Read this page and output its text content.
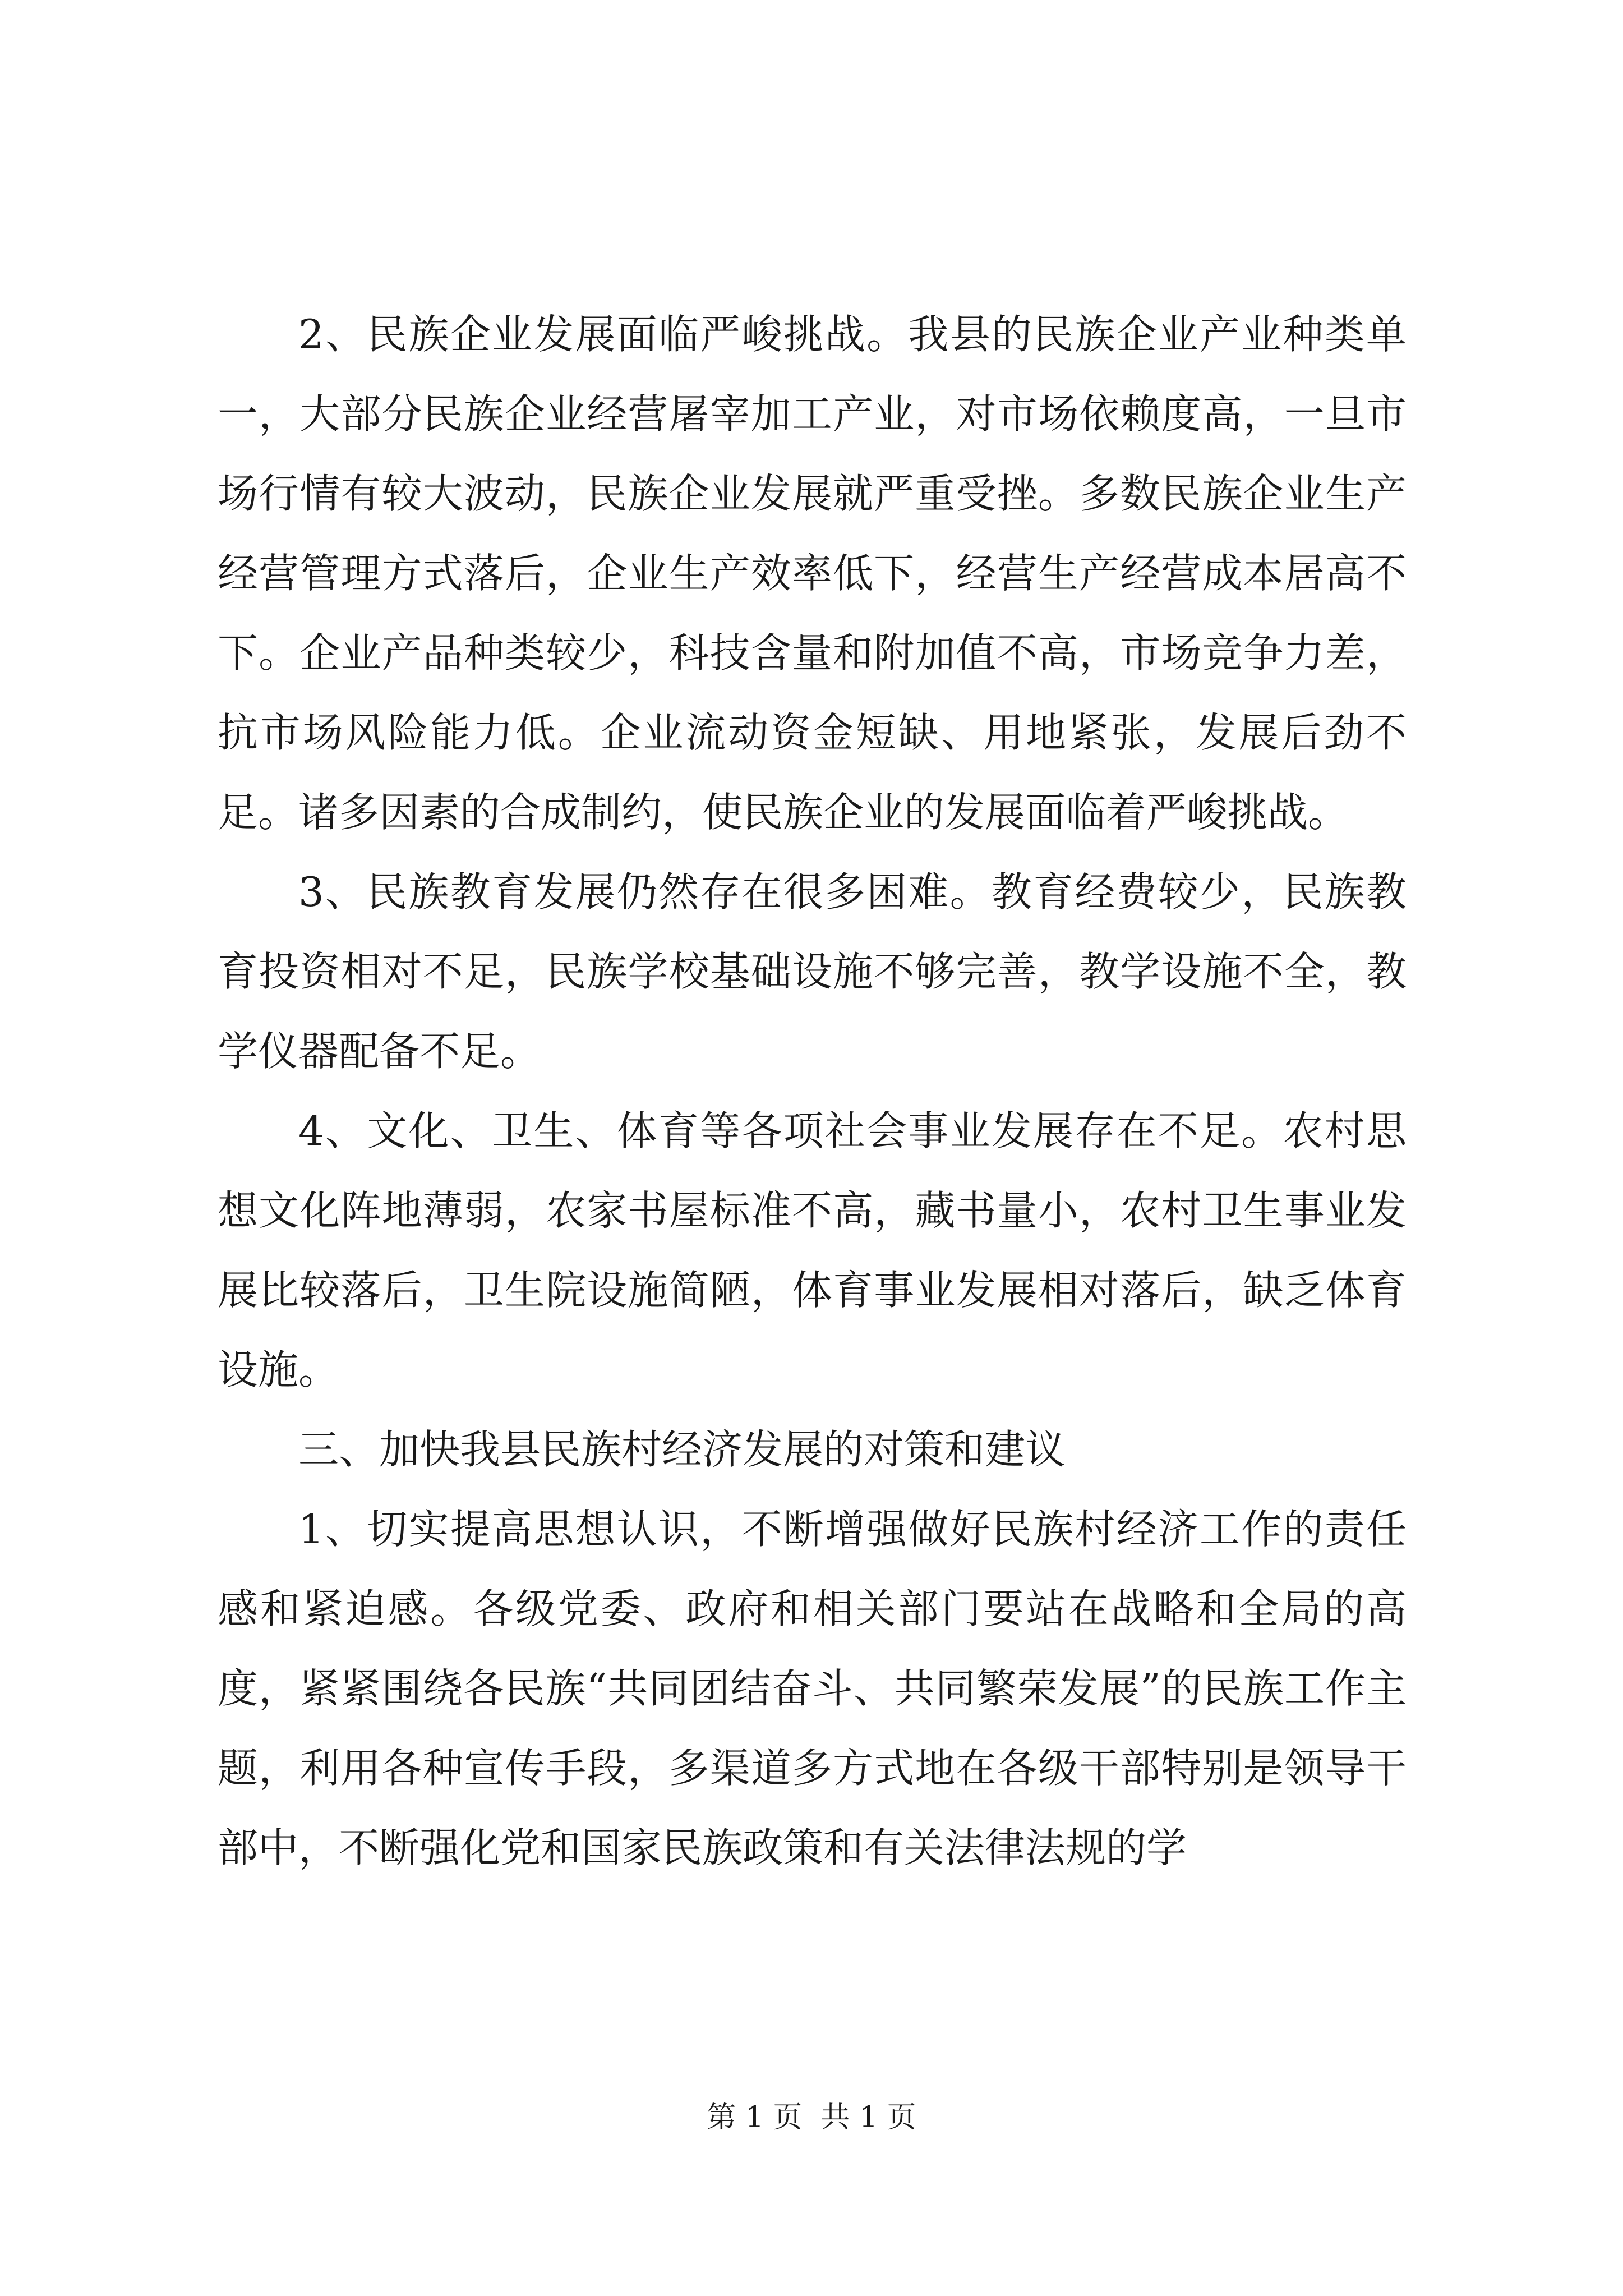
2、民族企业发展面临严峻挑战。我县的民族企业产业种类单一，大部分民族企业经营屠宰加工产业，对市场依赖度高，一旦市场行情有较大波动，民族企业发展就严重受挫。多数民族企业生产经营管理方式落后，企业生产效率低下，经营生产经营成本居高不下。企业产品种类较少，科技含量和附加值不高，市场竞争力差，抗市场风险能力低。企业流动资金短缺、用地紧张，发展后劲不足。诸多因素的合成制约，使民族企业的发展面临着严峻挑战。

3、民族教育发展仍然存在很多困难。教育经费较少，民族教育投资相对不足，民族学校基础设施不够完善，教学设施不全，教学仪器配备不足。

4、文化、卫生、体育等各项社会事业发展存在不足。农村思想文化阵地薄弱，农家书屋标准不高，藏书量小，农村卫生事业发展比较落后，卫生院设施简陋，体育事业发展相对落后，缺乏体育设施。

三、加快我县民族村经济发展的对策和建议

1、切实提高思想认识，不断增强做好民族村经济工作的责任感和紧迫感。各级党委、政府和相关部门要站在战略和全局的高度，紧紧围绕各民族“共同团结奋斗、共同繁荣发展”的民族工作主题，利用各种宣传手段，多渠道多方式地在各级干部特别是领导干部中，不断强化党和国家民族政策和有关法律法规的学

第 1 页  共 1 页
